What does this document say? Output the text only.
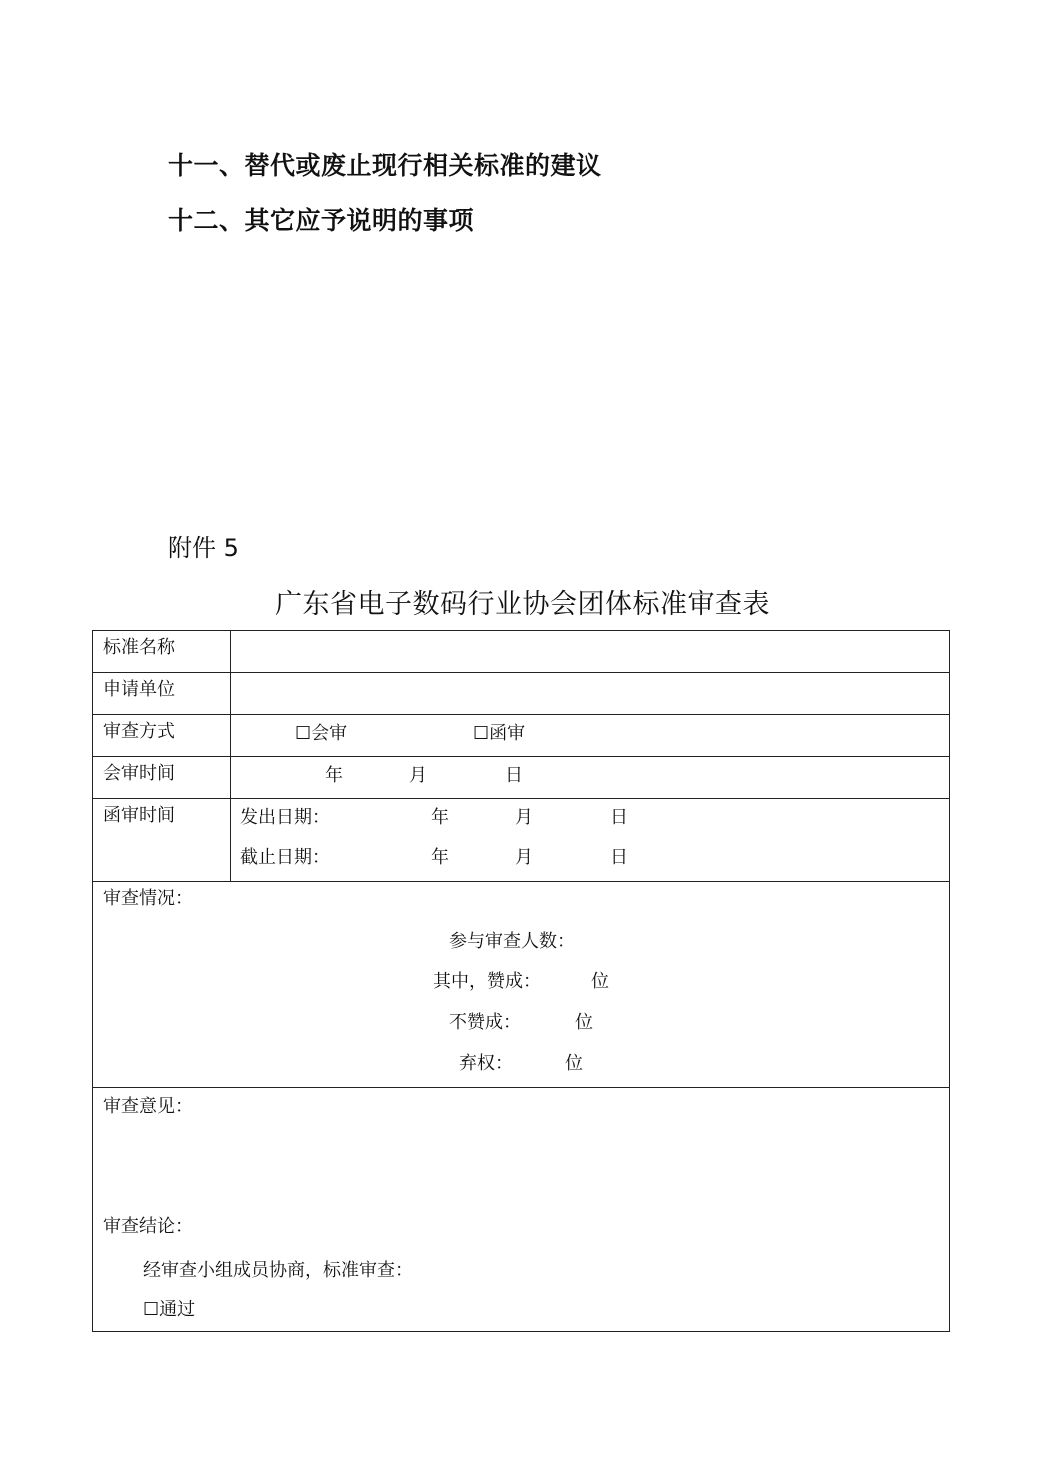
十一、替代或废止现行相关标准的建议
十二、其它应予说明的事项
附件 5
广东省电子数码行业协会团体标准审查表
标准名称
申请单位
审查方式	☐会审	☐函审
会审时间	年	月	日
函审时间	发出日期：	年	月	日
截止日期：	年	月	日
审查情况：
参与审查人数：
其中，赞成：	位
不赞成：	位
弃权：	位
审查意见：
审查结论：
经审查小组成员协商，标准审查：
☐通过
